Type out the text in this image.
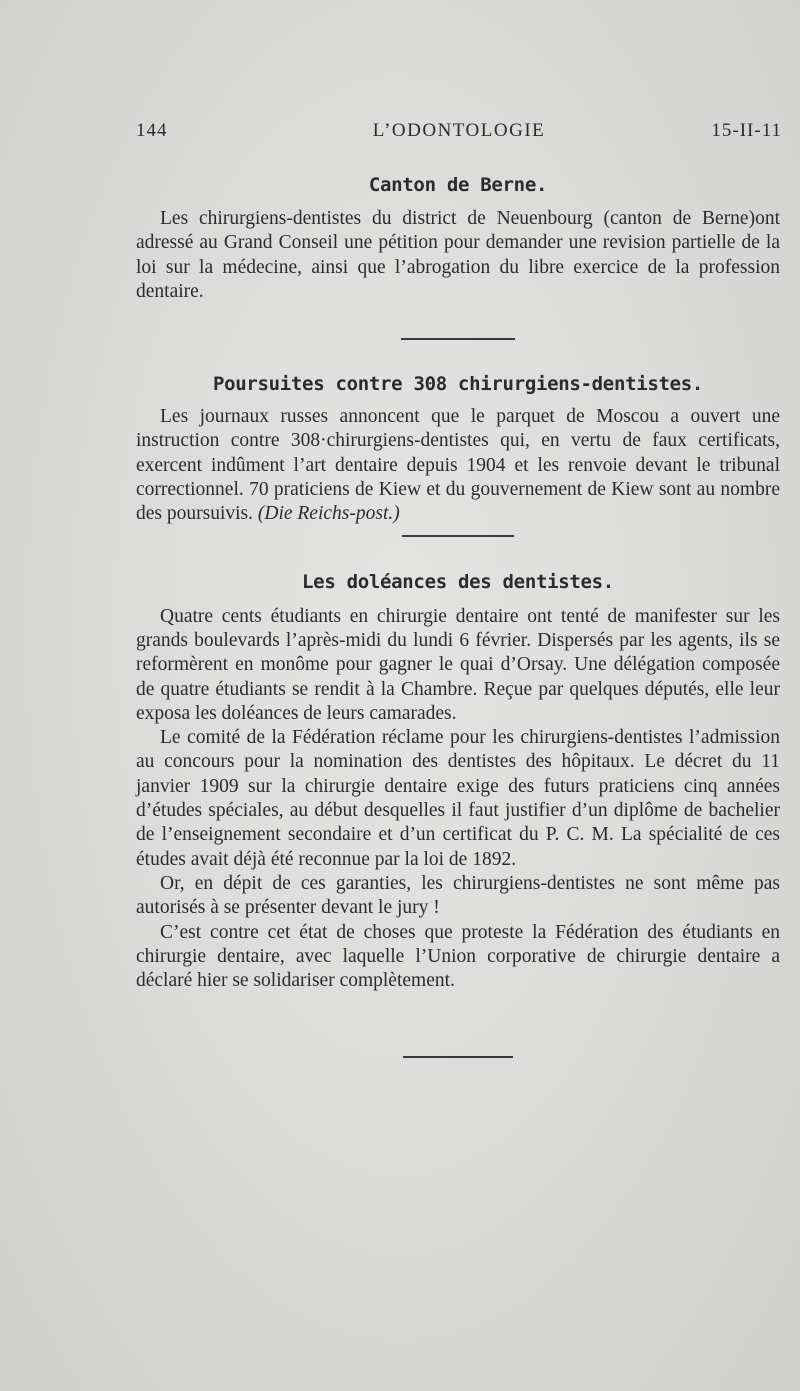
144	L’ODONTOLOGIE	15-II-11
Canton de Berne.

Les chirurgiens-dentistes du district de Neuenbourg (canton de Berne)ont adressé au Grand Conseil une pétition pour demander une revision partielle de la loi sur la médecine, ainsi que l’abrogation du libre exercice de la profession dentaire.

Poursuites contre 308 chirurgiens-dentistes.

Les journaux russes annoncent que le parquet de Moscou a ouvert une instruction contre 308·chirurgiens-dentistes qui, en vertu de faux certificats, exercent indûment l’art dentaire depuis 1904 et les renvoie devant le tribunal correctionnel. 70 praticiens de Kiew et du gouvernement de Kiew sont au nombre des poursuivis. (Die Reichs-post.)

Les doléances des dentistes.

Quatre cents étudiants en chirurgie dentaire ont tenté de manifester sur les grands boulevards l’après-midi du lundi 6 février. Dispersés par les agents, ils se reformèrent en monôme pour gagner le quai d’Orsay. Une délégation composée de quatre étudiants se rendit à la Chambre. Reçue par quelques députés, elle leur exposa les doléances de leurs camarades.

Le comité de la Fédération réclame pour les chirurgiens-dentistes l’admission au concours pour la nomination des dentistes des hôpitaux. Le décret du 11 janvier 1909 sur la chirurgie dentaire exige des futurs praticiens cinq années d’études spéciales, au début desquelles il faut justifier d’un diplôme de bachelier de l’enseignement secondaire et d’un certificat du P. C. M. La spécialité de ces études avait déjà été reconnue par la loi de 1892.

Or, en dépit de ces garanties, les chirurgiens-dentistes ne sont même pas autorisés à se présenter devant le jury !

C’est contre cet état de choses que proteste la Fédération des étudiants en chirurgie dentaire, avec laquelle l’Union corporative de chirurgie dentaire a déclaré hier se solidariser complètement.
